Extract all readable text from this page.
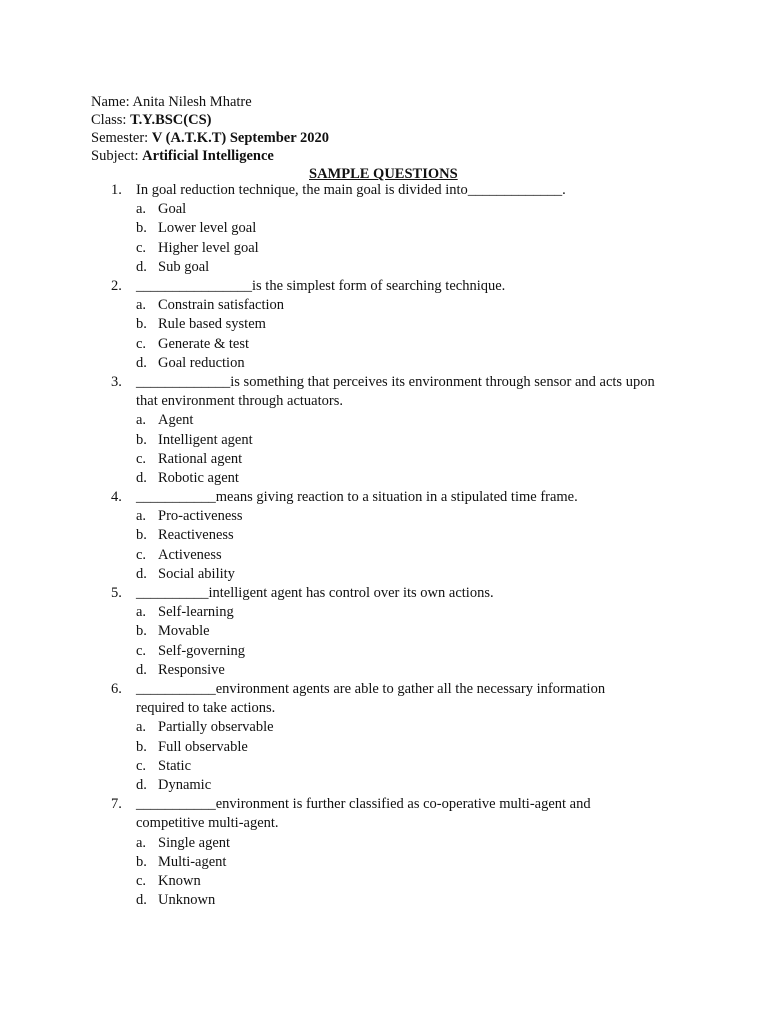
Name: Anita Nilesh Mhatre
Class: T.Y.BSC(CS)
Semester: V (A.T.K.T) September 2020
Subject: Artificial Intelligence
SAMPLE QUESTIONS
1. In goal reduction technique, the main goal is divided into_____________.
a. Goal
b. Lower level goal
c. Higher level goal
d. Sub goal
2. ________________is the simplest form of searching technique.
a. Constrain satisfaction
b. Rule based system
c. Generate & test
d. Goal reduction
3. _____________is something that perceives its environment through sensor and acts upon that environment through actuators.
a. Agent
b. Intelligent agent
c. Rational agent
d. Robotic agent
4. ___________means giving reaction to a situation in a stipulated time frame.
a. Pro-activeness
b. Reactiveness
c. Activeness
d. Social ability
5. __________intelligent agent has control over its own actions.
a. Self-learning
b. Movable
c. Self-governing
d. Responsive
6. ___________environment agents are able to gather all the necessary information required to take actions.
a. Partially observable
b. Full observable
c. Static
d. Dynamic
7. ___________environment is further classified as co-operative multi-agent and competitive multi-agent.
a. Single agent
b. Multi-agent
c. Known
d. Unknown
